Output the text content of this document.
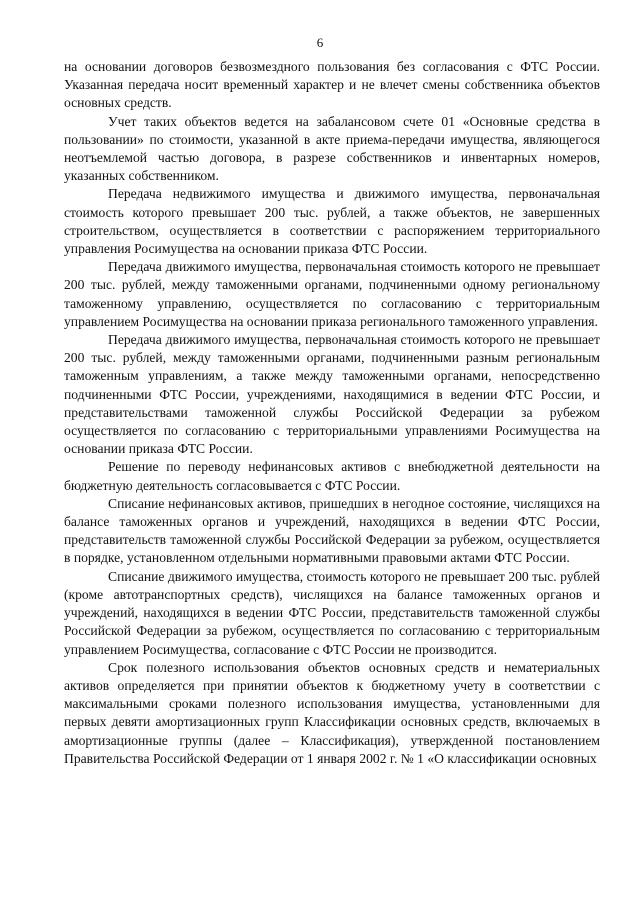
6

на основании договоров безвозмездного пользования без согласования с ФТС России. Указанная передача носит временный характер и не влечет смены собственника объектов основных средств.

Учет таких объектов ведется на забалансовом счете 01 «Основные средства в пользовании» по стоимости, указанной в акте приема-передачи имущества, являющегося неотъемлемой частью договора, в разрезе собственников и инвентарных номеров, указанных собственником.

Передача недвижимого имущества и движимого имущества, первоначальная стоимость которого превышает 200 тыс. рублей, а также объектов, не завершенных строительством, осуществляется в соответствии с распоряжением территориального управления Росимущества на основании приказа ФТС России.

Передача движимого имущества, первоначальная стоимость которого не превышает 200 тыс. рублей, между таможенными органами, подчиненными одному региональному таможенному управлению, осуществляется по согласованию с территориальным управлением Росимущества на основании приказа регионального таможенного управления.

Передача движимого имущества, первоначальная стоимость которого не превышает 200 тыс. рублей, между таможенными органами, подчиненными разным региональным таможенным управлениям, а также между таможенными органами, непосредственно подчиненными ФТС России, учреждениями, находящимися в ведении ФТС России, и представительствами таможенной службы Российской Федерации за рубежом осуществляется по согласованию с территориальными управлениями Росимущества на основании приказа ФТС России.

Решение по переводу нефинансовых активов с внебюджетной деятельности на бюджетную деятельность согласовывается с ФТС России.

Списание нефинансовых активов, пришедших в негодное состояние, числящихся на балансе таможенных органов и учреждений, находящихся в ведении ФТС России, представительств таможенной службы Российской Федерации за рубежом, осуществляется в порядке, установленном отдельными нормативными правовыми актами ФТС России.

Списание движимого имущества, стоимость которого не превышает 200 тыс. рублей (кроме автотранспортных средств), числящихся на балансе таможенных органов и учреждений, находящихся в ведении ФТС России, представительств таможенной службы Российской Федерации за рубежом, осуществляется по согласованию с территориальным управлением Росимущества, согласование с ФТС России не производится.

Срок полезного использования объектов основных средств и нематериальных активов определяется при принятии объектов к бюджетному учету в соответствии с максимальными сроками полезного использования имущества, установленными для первых девяти амортизационных групп Классификации основных средств, включаемых в амортизационные группы (далее – Классификация), утвержденной постановлением Правительства Российской Федерации от 1 января 2002 г. № 1 «О классификации основных
